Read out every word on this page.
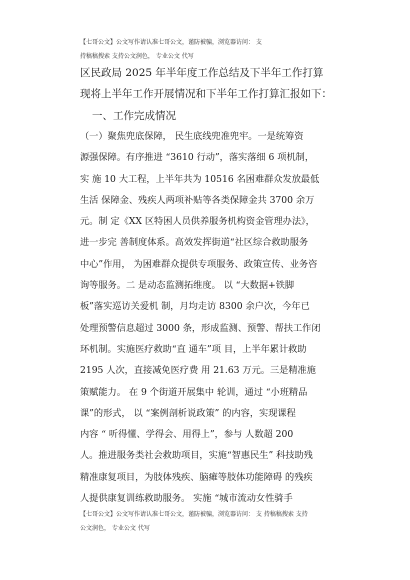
【七哥公文】公文写作请认准七哥公文，谨防被骗，浏览器访问： 支
持稿稿搜索 支持公文润色， 专业公文 代写
区民政局 2025 年半年度工作总结及下半年工作打算
现将上半年工作开展情况和下半年工作打算汇报如下：
一、工作完成情况
（一）聚焦兜底保障， 民生底线兜准兜牢。一是统筹资
源强保障。有序推进 “3610 行动”，落实落细 6 项机制，
实 施 10 大工程，上半年共为 10516 名困难群众发放最低
生活 保障金、残疾人两项补贴等各类保障金共 3700 余万
元。制 定《XX 区特困人员供养服务机构资金管理办法》，
进一步完 善制度体系。高效发挥街道“社区综合救助服务
中心”作用， 为困难群众提供专项服务、政策宣传、业务咨
询等服务。二 是动态监测拓维度。 以 “大数据+铁脚
板”落实巡访关爱机 制，月均走访 8300 余户次，今年已
处理预警信息超过 3000 条，形成监测、预警、帮扶工作闭
环机制。实施医疗救助“直 通车”项 目，上半年累计救助
2195 人次，直接减免医疗费 用 21.63 万元。三是精准施
策赋能力。 在 9 个街道开展集中 轮训，通过 “小班精品
课”的形式， 以 “案例剖析说政策” 的内容，实现课程
内容 “ 听得懂、学得会、用得上”，参与 人数超 200
人。推进服务类社会救助项目，实施“智惠民生” 科技助残
精准康复项目，为肢体残疾、脑瘫等肢体功能障碍 的残疾
人提供康复训练救助服务。 实施 “城市流动女性骑手
【七哥公文】公文写作请认准七哥公文，谨防被骗，浏览器访问： 支 持稿稿搜索 支持
公文润色， 专业公文 代写
